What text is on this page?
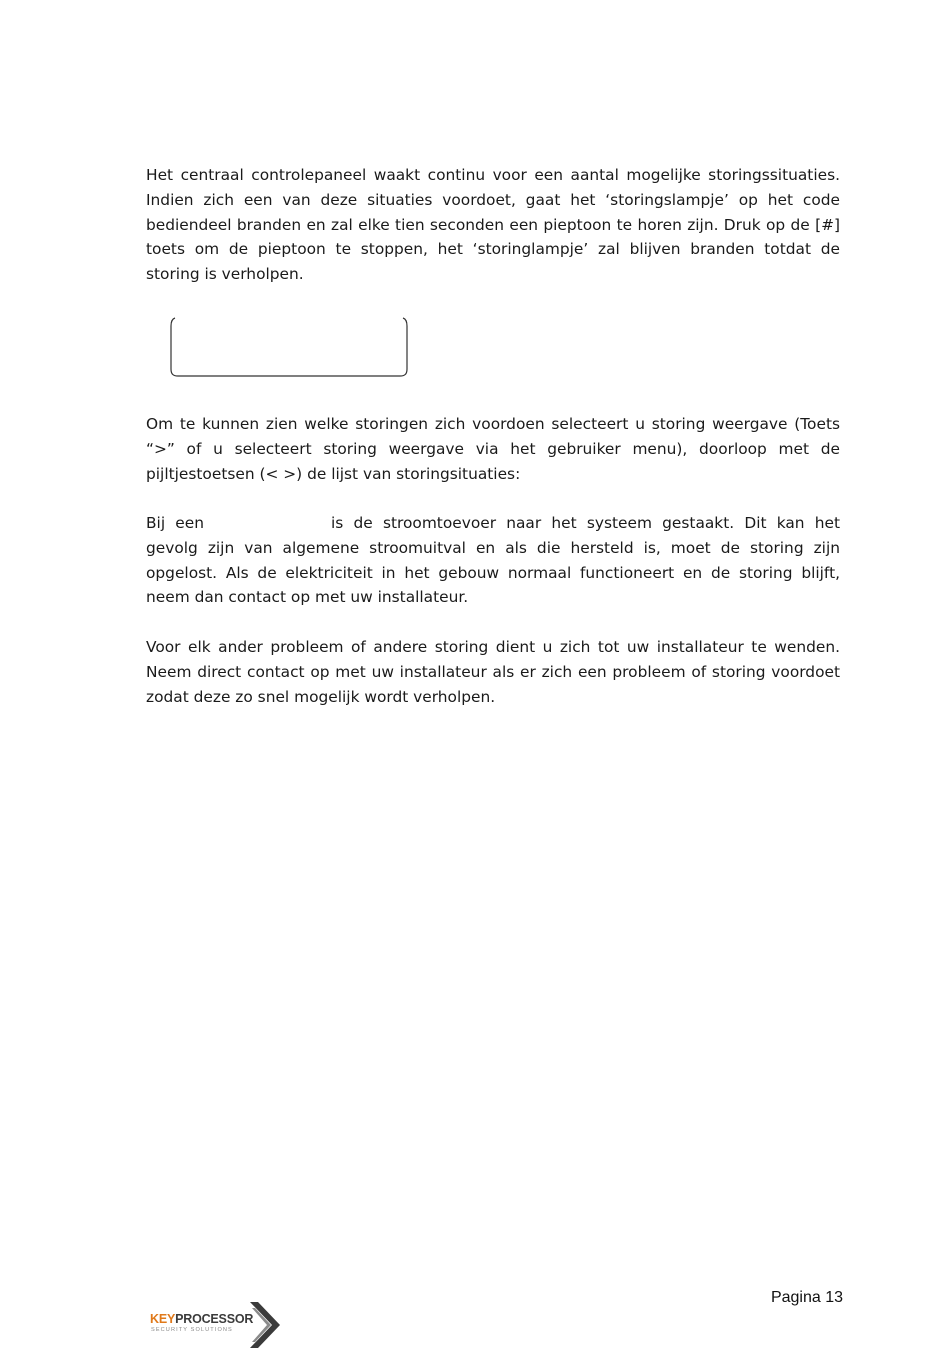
Het centraal controlepaneel waakt continu voor een aantal mogelijke storingssituaties. Indien zich een van deze situaties voordoet, gaat het ‘storingslampje’ op het code bediendeel branden en zal elke tien seconden een pieptoon te horen zijn. Druk op de [#] toets om de pieptoon te stoppen, het ‘storinglampje’ zal blijven branden totdat de storing is verholpen.

Om te kunnen zien welke storingen zich voordoen selecteert u storing weergave (Toets “>” of u selecteert storing weergave via het gebruiker menu), doorloop met de pijltjestoetsen (< >) de lijst van storingsituaties:

Bij een	is de stroomtoevoer naar het systeem gestaakt. Dit kan het gevolg zijn van algemene stroomuitval en als die hersteld is, moet de storing zijn opgelost. Als de elektriciteit in het gebouw normaal functioneert en de storing blijft, neem dan contact op met uw installateur.

Voor elk ander probleem of andere storing dient u zich tot uw installateur te wenden. Neem direct contact op met uw installateur als er zich een probleem of storing voordoet zodat deze zo snel mogelijk wordt verholpen.

Pagina 13
KEYPROCESSOR
SECURITY SOLUTIONS
